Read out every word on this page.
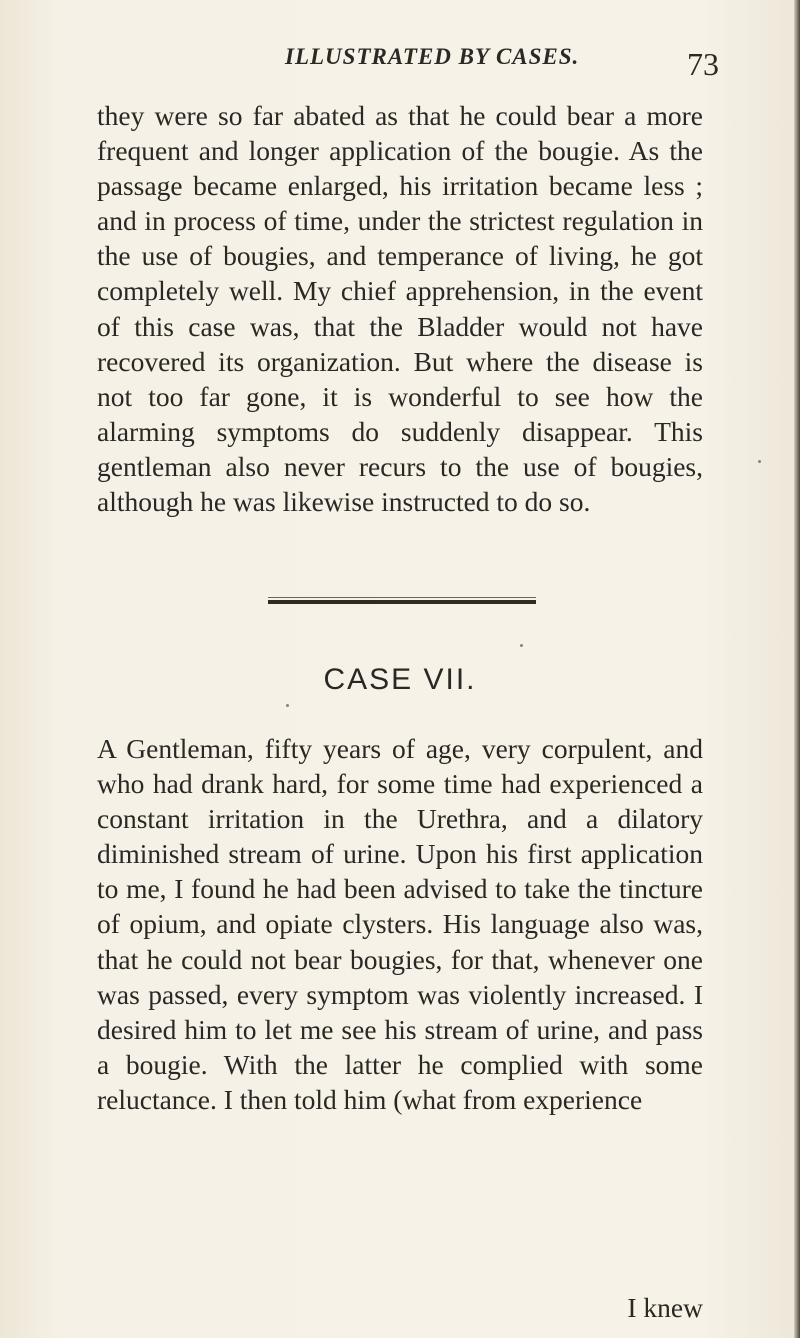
ILLUSTRATED BY CASES.	73
they were so far abated as that he could bear a more frequent and longer application of the bougie. As the passage became enlarged, his irritation became less ; and in process of time, under the strictest regulation in the use of bougies, and temperance of living, he got completely well. My chief apprehension, in the event of this case was, that the Bladder would not have recovered its organization. But where the disease is not too far gone, it is wonderful to see how the alarming symptoms do suddenly disappear. This gentleman also never recurs to the use of bougies, although he was likewise instructed to do so.
CASE VII.
A Gentleman, fifty years of age, very corpulent, and who had drank hard, for some time had experienced a constant irritation in the Urethra, and a dilatory diminished stream of urine. Upon his first application to me, I found he had been advised to take the tincture of opium, and opiate clysters. His language also was, that he could not bear bougies, for that, whenever one was passed, every symptom was violently increased. I desired him to let me see his stream of urine, and pass a bougie. With the latter he complied with some reluctance. I then told him (what from experience
I knew
